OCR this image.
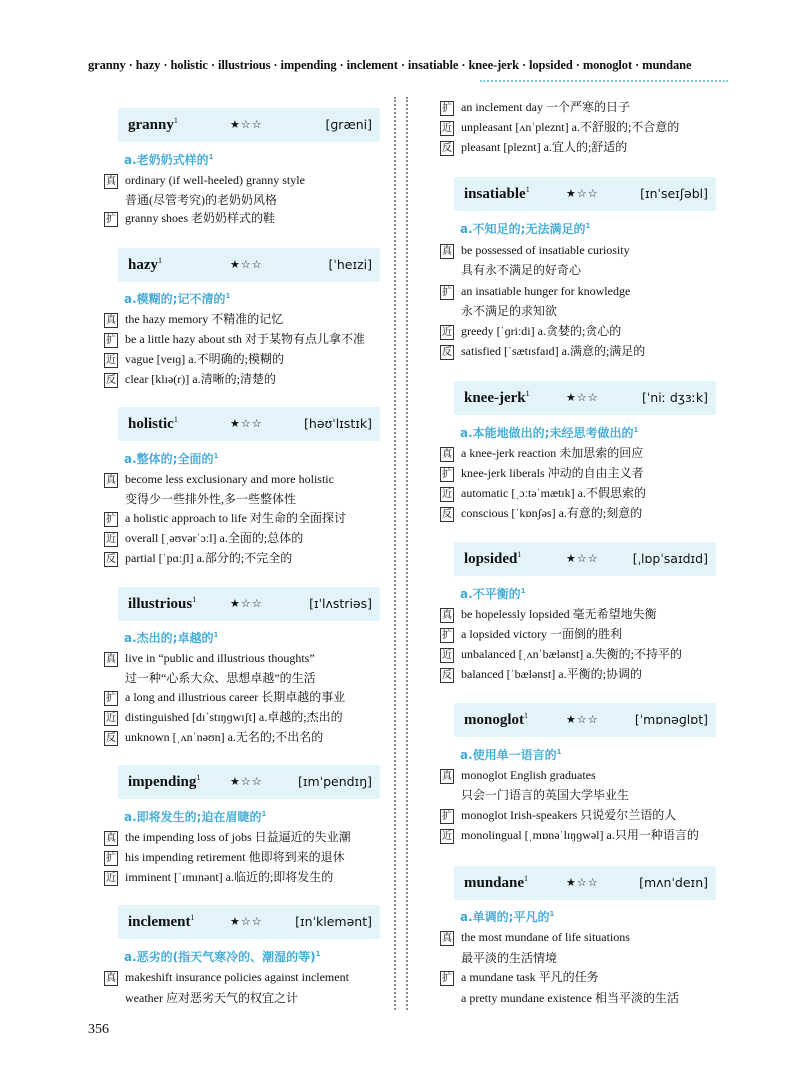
granny · hazy · holistic · illustrious · impending · inclement · insatiable · knee-jerk · lopsided · monoglot · mundane
granny$^1$	★☆☆	[ɡræni]
a.老奶奶式样的$^1$
真 ordinary (if well-heeled) granny style
普通(尽管考究)的老奶奶风格
扩 granny shoes 老奶奶样式的鞋
hazy$^1$	★☆☆	[ˈheɪzi]
a.模糊的;记不清的$^1$
真 the hazy memory 不精准的记忆
扩 be a little hazy about sth 对于某物有点儿拿不准
近 vague [veɪɡ] a.不明确的;模糊的
反 clear [klɪə(r)] a.清晰的;清楚的
holistic$^1$	★☆☆	[həʊˈlɪstɪk]
a.整体的;全面的$^1$
真 become less exclusionary and more holistic
变得少一些排外性,多一些整体性
扩 a holistic approach to life 对生命的全面探讨
近 overall [ˌəʊvərˈɔːl] a.全面的;总体的
反 partial [ˈpɑːʃl] a.部分的;不完全的
illustrious$^1$	★☆☆	[ɪˈlʌstriəs]
a.杰出的;卓越的$^1$
真 live in “public and illustrious thoughts”
过一种“心系大众、思想卓越”的生活
扩 a long and illustrious career 长期卓越的事业
近 distinguished [dɪˈstɪŋɡwɪʃt] a.卓越的;杰出的
反 unknown [ˌʌnˈnəʊn] a.无名的;不出名的
impending$^1$	★☆☆	[ɪmˈpendɪŋ]
a.即将发生的;迫在眉睫的$^1$
真 the impending loss of jobs 日益逼近的失业潮
扩 his impending retirement 他即将到来的退休
近 imminent [ˈɪmɪnənt] a.临近的;即将发生的
inclement$^1$	★☆☆	[ɪnˈklemənt]
a.恶劣的(指天气寒冷的、潮湿的等)$^1$
真 makeshift insurance policies against inclement
weather 应对恶劣天气的权宜之计
扩 an inclement day 一个严寒的日子
近 unpleasant [ʌnˈpleznt] a.不舒服的;不合意的
反 pleasant [pleznt] a.宜人的;舒适的
insatiable$^1$	★☆☆	[ɪnˈseɪʃəbl]
a.不知足的;无法满足的$^1$
真 be possessed of insatiable curiosity
具有永不满足的好奇心
扩 an insatiable hunger for knowledge
永不满足的求知欲
近 greedy [ˈɡriːdi] a.贪婪的;贪心的
反 satisfied [ˈsætɪsfaɪd] a.满意的;满足的
knee-jerk$^1$	★☆☆	[ˈniː dʒɜːk]
a.本能地做出的;未经思考做出的$^1$
真 a knee-jerk reaction 未加思索的回应
扩 knee-jerk liberals 冲动的自由主义者
近 automatic [ˌɔːtəˈmætɪk] a.不假思索的
反 conscious [ˈkɒnʃəs] a.有意的;刻意的
lopsided$^1$	★☆☆	[ˌlɒpˈsaɪdɪd]
a.不平衡的$^1$
真 be hopelessly lopsided 毫无希望地失衡
扩 a lopsided victory 一面倒的胜利
近 unbalanced [ˌʌnˈbælənst] a.失衡的;不持平的
反 balanced [ˈbælənst] a.平衡的;协调的
monoglot$^1$	★☆☆	[ˈmɒnəɡlɒt]
a.使用单一语言的$^1$
真 monoglot English graduates
只会一门语言的英国大学毕业生
扩 monoglot Irish-speakers 只说爱尔兰语的人
近 monolingual [ˌmɒnəˈlɪŋɡwəl] a.只用一种语言的
mundane$^1$	★☆☆	[mʌnˈdeɪn]
a.单调的;平凡的$^1$
真 the most mundane of life situations
最平淡的生活情境
扩 a mundane task 平凡的任务
a pretty mundane existence 相当平淡的生活
356
